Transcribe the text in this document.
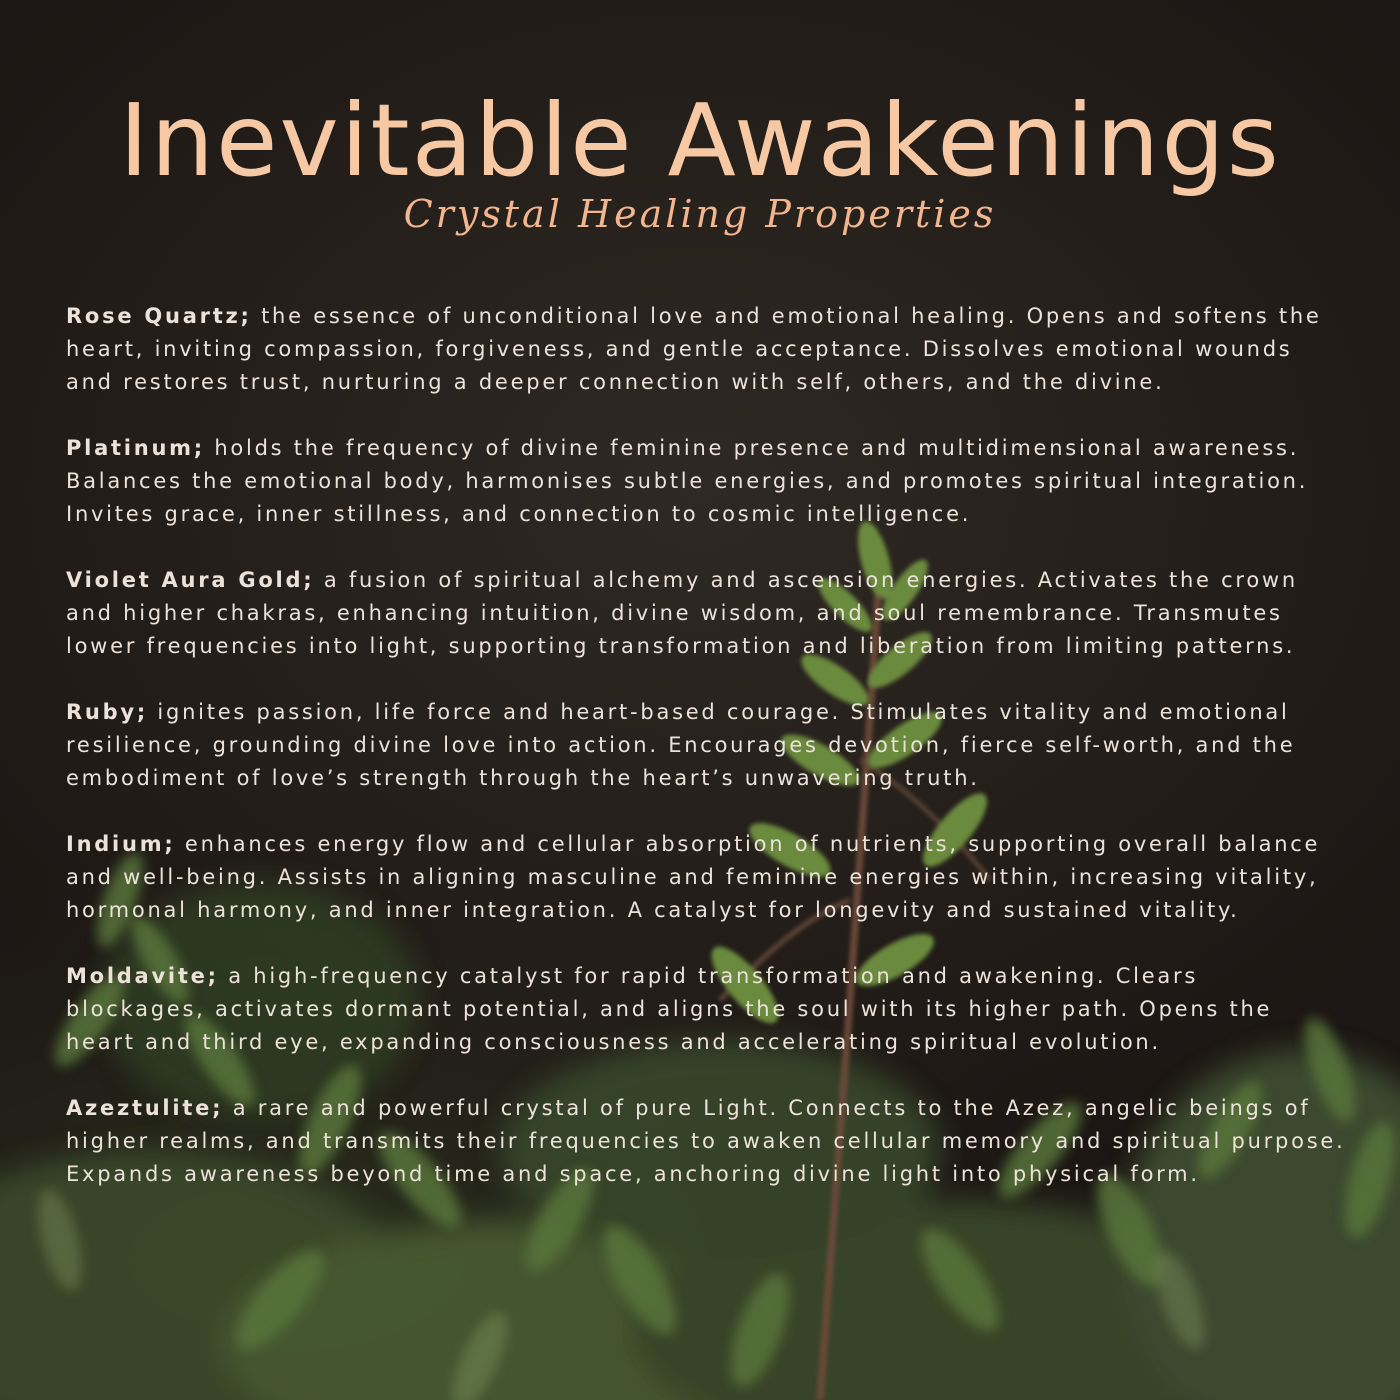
Inevitable Awakenings
Crystal Healing Properties

Rose Quartz; the essence of unconditional love and emotional healing. Opens and softens the heart, inviting compassion, forgiveness, and gentle acceptance. Dissolves emotional wounds and restores trust, nurturing a deeper connection with self, others, and the divine.

Platinum; holds the frequency of divine feminine presence and multidimensional awareness. Balances the emotional body, harmonises subtle energies, and promotes spiritual integration. Invites grace, inner stillness, and connection to cosmic intelligence.

Violet Aura Gold; a fusion of spiritual alchemy and ascension energies. Activates the crown and higher chakras, enhancing intuition, divine wisdom, and soul remembrance. Transmutes lower frequencies into light, supporting transformation and liberation from limiting patterns.

Ruby; ignites passion, life force and heart-based courage. Stimulates vitality and emotional resilience, grounding divine love into action. Encourages devotion, fierce self-worth, and the embodiment of love’s strength through the heart’s unwavering truth.

Indium; enhances energy flow and cellular absorption of nutrients, supporting overall balance and well-being. Assists in aligning masculine and feminine energies within, increasing vitality, hormonal harmony, and inner integration. A catalyst for longevity and sustained vitality.

Moldavite; a high-frequency catalyst for rapid transformation and awakening. Clears blockages, activates dormant potential, and aligns the soul with its higher path. Opens the heart and third eye, expanding consciousness and accelerating spiritual evolution.

Azeztulite; a rare and powerful crystal of pure Light. Connects to the Azez, angelic beings of higher realms, and transmits their frequencies to awaken cellular memory and spiritual purpose. Expands awareness beyond time and space, anchoring divine light into physical form.
